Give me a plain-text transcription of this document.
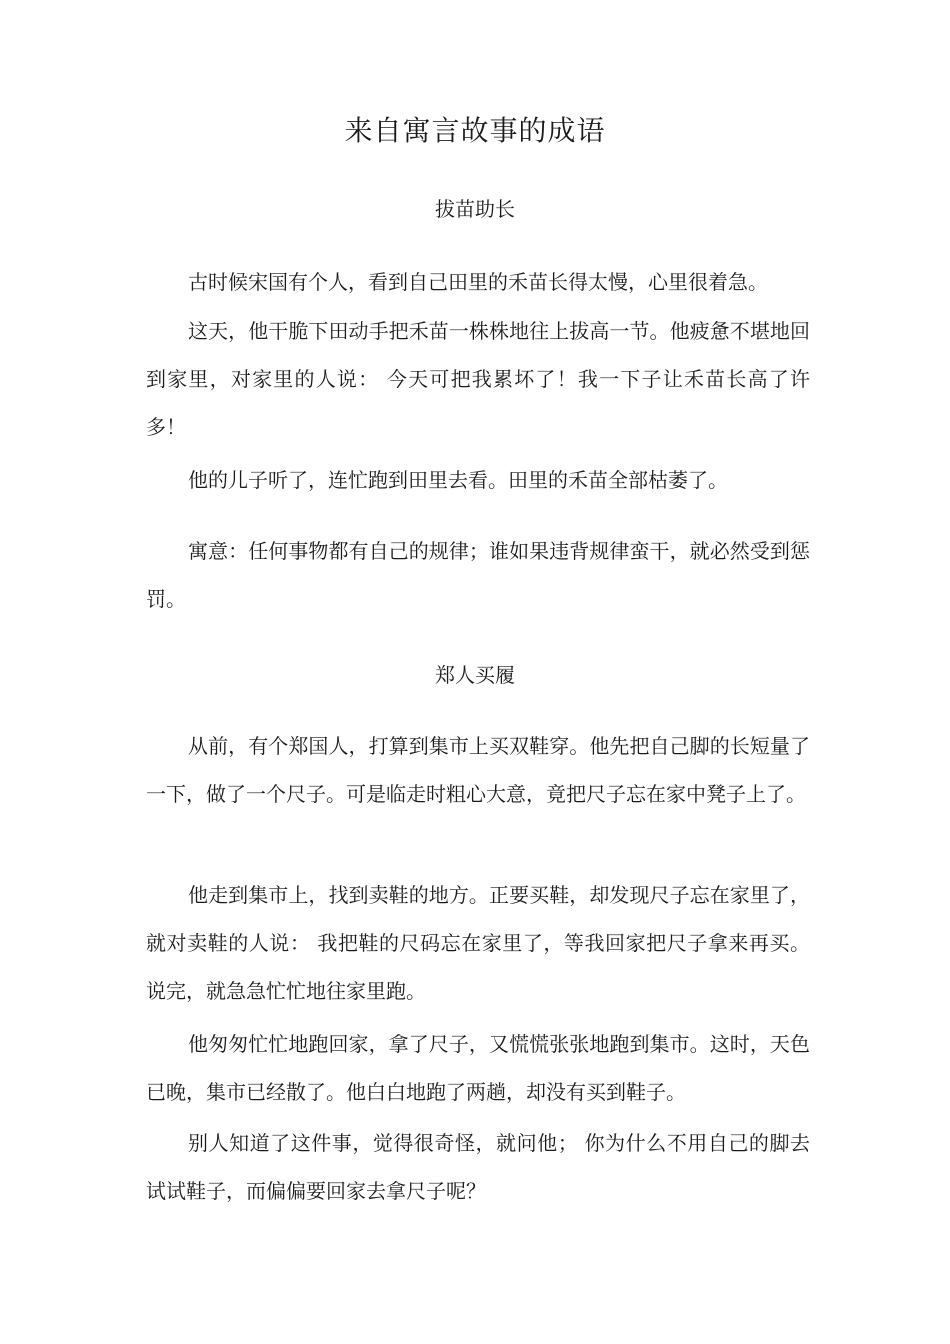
来自寓言故事的成语
拔苗助长

古时候宋国有个人，看到自己田里的禾苗长得太慢，心里很着急。

这天，他干脆下田动手把禾苗一株株地往上拔高一节。他疲惫不堪地回到家里，对家里的人说： 今天可把我累坏了！我一下子让禾苗长高了许多！

他的儿子听了，连忙跑到田里去看。田里的禾苗全部枯萎了。

寓意：任何事物都有自己的规律；谁如果违背规律蛮干，就必然受到惩罚。

郑人买履

从前，有个郑国人，打算到集市上买双鞋穿。他先把自己脚的长短量了一下，做了一个尺子。可是临走时粗心大意，竟把尺子忘在家中凳子上了。

他走到集市上，找到卖鞋的地方。正要买鞋，却发现尺子忘在家里了，就对卖鞋的人说： 我把鞋的尺码忘在家里了，等我回家把尺子拿来再买。 说完，就急急忙忙地往家里跑。

他匆匆忙忙地跑回家，拿了尺子，又慌慌张张地跑到集市。这时，天色已晚，集市已经散了。他白白地跑了两趟，却没有买到鞋子。

别人知道了这件事，觉得很奇怪，就问他； 你为什么不用自己的脚去试试鞋子，而偏偏要回家去拿尺子呢？
